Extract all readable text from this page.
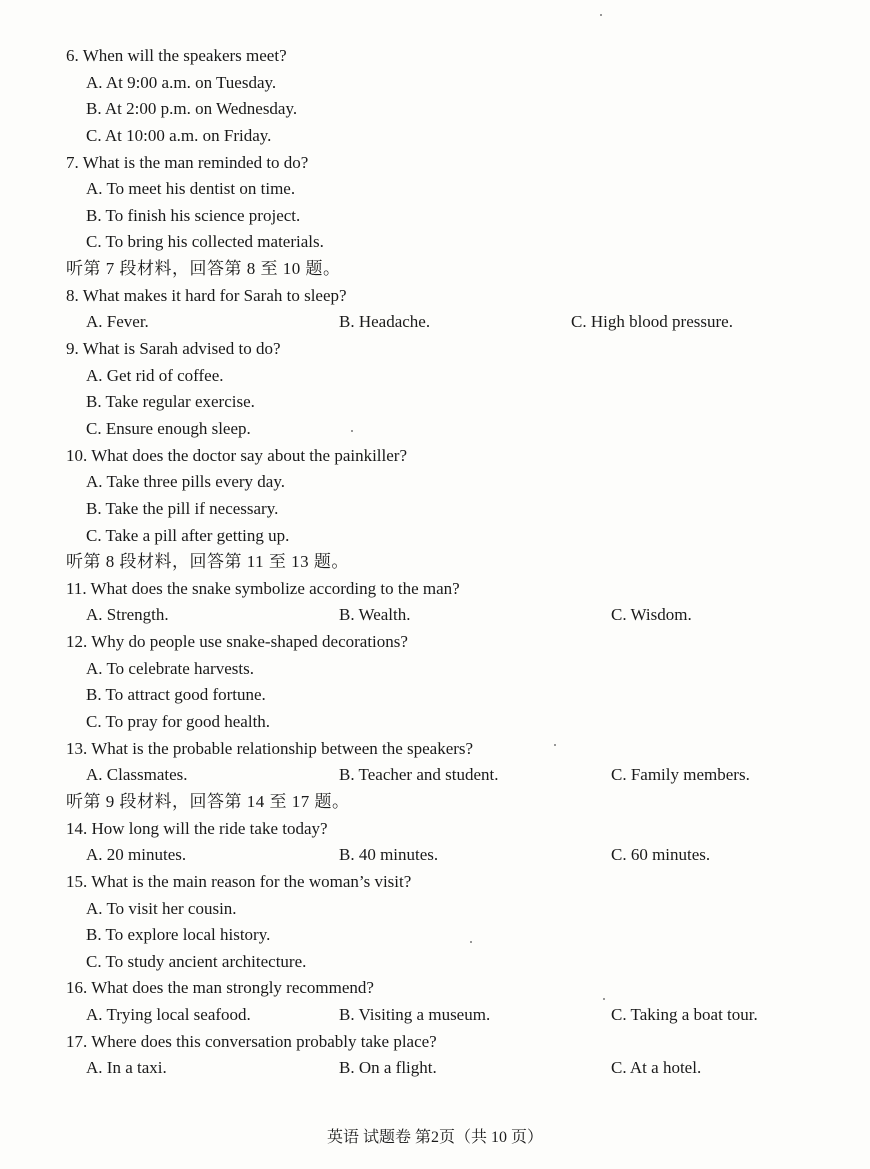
6. When will the speakers meet?
A. At 9:00 a.m. on Tuesday.
B. At 2:00 p.m. on Wednesday.
C. At 10:00 a.m. on Friday.
7. What is the man reminded to do?
A. To meet his dentist on time.
B. To finish his science project.
C. To bring his collected materials.
听第 7 段材料，回答第 8 至 10 题。
8. What makes it hard for Sarah to sleep?
A. Fever.	B. Headache.	C. High blood pressure.
9. What is Sarah advised to do?
A. Get rid of coffee.
B. Take regular exercise.
C. Ensure enough sleep.
10. What does the doctor say about the painkiller?
A. Take three pills every day.
B. Take the pill if necessary.
C. Take a pill after getting up.
听第 8 段材料，回答第 11 至 13 题。
11. What does the snake symbolize according to the man?
A. Strength.	B. Wealth.	C. Wisdom.
12. Why do people use snake-shaped decorations?
A. To celebrate harvests.
B. To attract good fortune.
C. To pray for good health.
13. What is the probable relationship between the speakers?
A. Classmates.	B. Teacher and student.	C. Family members.
听第 9 段材料，回答第 14 至 17 题。
14. How long will the ride take today?
A. 20 minutes.	B. 40 minutes.	C. 60 minutes.
15. What is the main reason for the woman’s visit?
A. To visit her cousin.
B. To explore local history.
C. To study ancient architecture.
16. What does the man strongly recommend?
A. Trying local seafood.	B. Visiting a museum.	C. Taking a boat tour.
17. Where does this conversation probably take place?
A. In a taxi.	B. On a flight.	C. At a hotel.
英语 试题卷 第2页（共 10 页）
